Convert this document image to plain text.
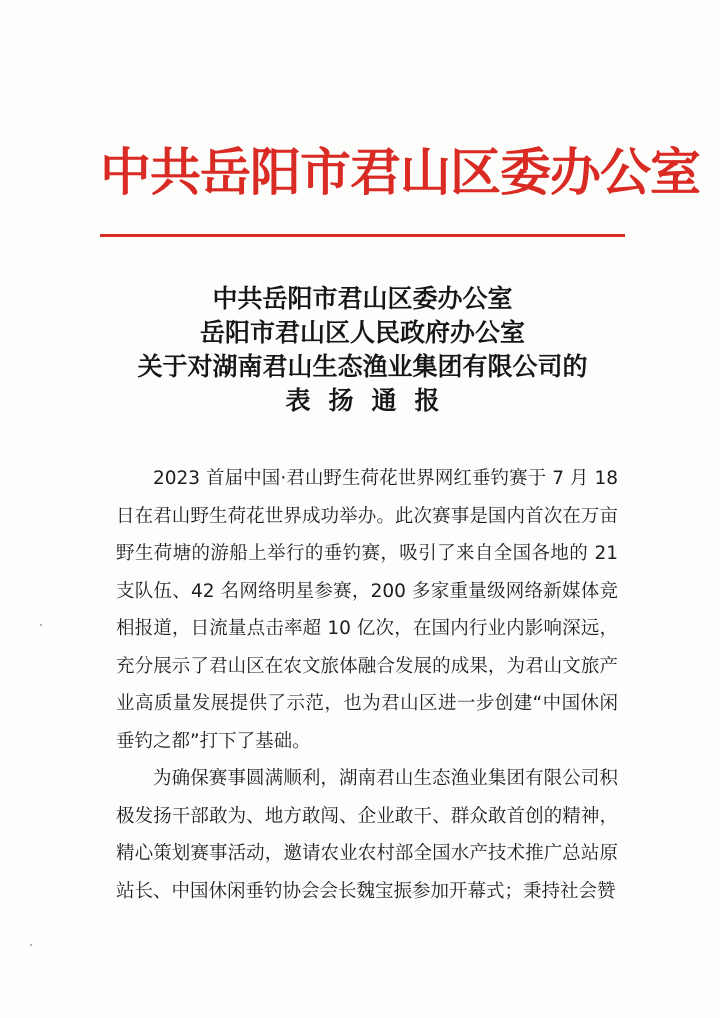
中共岳阳市君山区委办公室
中共岳阳市君山区委办公室
岳阳市君山区人民政府办公室
关于对湖南君山生态渔业集团有限公司的
表扬通报

2023 首届中国·君山野生荷花世界网红垂钓赛于 7 月 18 日在君山野生荷花世界成功举办。此次赛事是国内首次在万亩野生荷塘的游船上举行的垂钓赛，吸引了来自全国各地的 21 支队伍、42 名网络明星参赛，200 多家重量级网络新媒体竞相报道，日流量点击率超 10 亿次，在国内行业内影响深远，充分展示了君山区在农文旅体融合发展的成果，为君山文旅产业高质量发展提供了示范，也为君山区进一步创建“中国休闲垂钓之都”打下了基础。

为确保赛事圆满顺利，湖南君山生态渔业集团有限公司积极发扬干部敢为、地方敢闯、企业敢干、群众敢首创的精神，精心策划赛事活动，邀请农业农村部全国水产技术推广总站原站长、中国休闲垂钓协会会长魏宝振参加开幕式；秉持社会赞
